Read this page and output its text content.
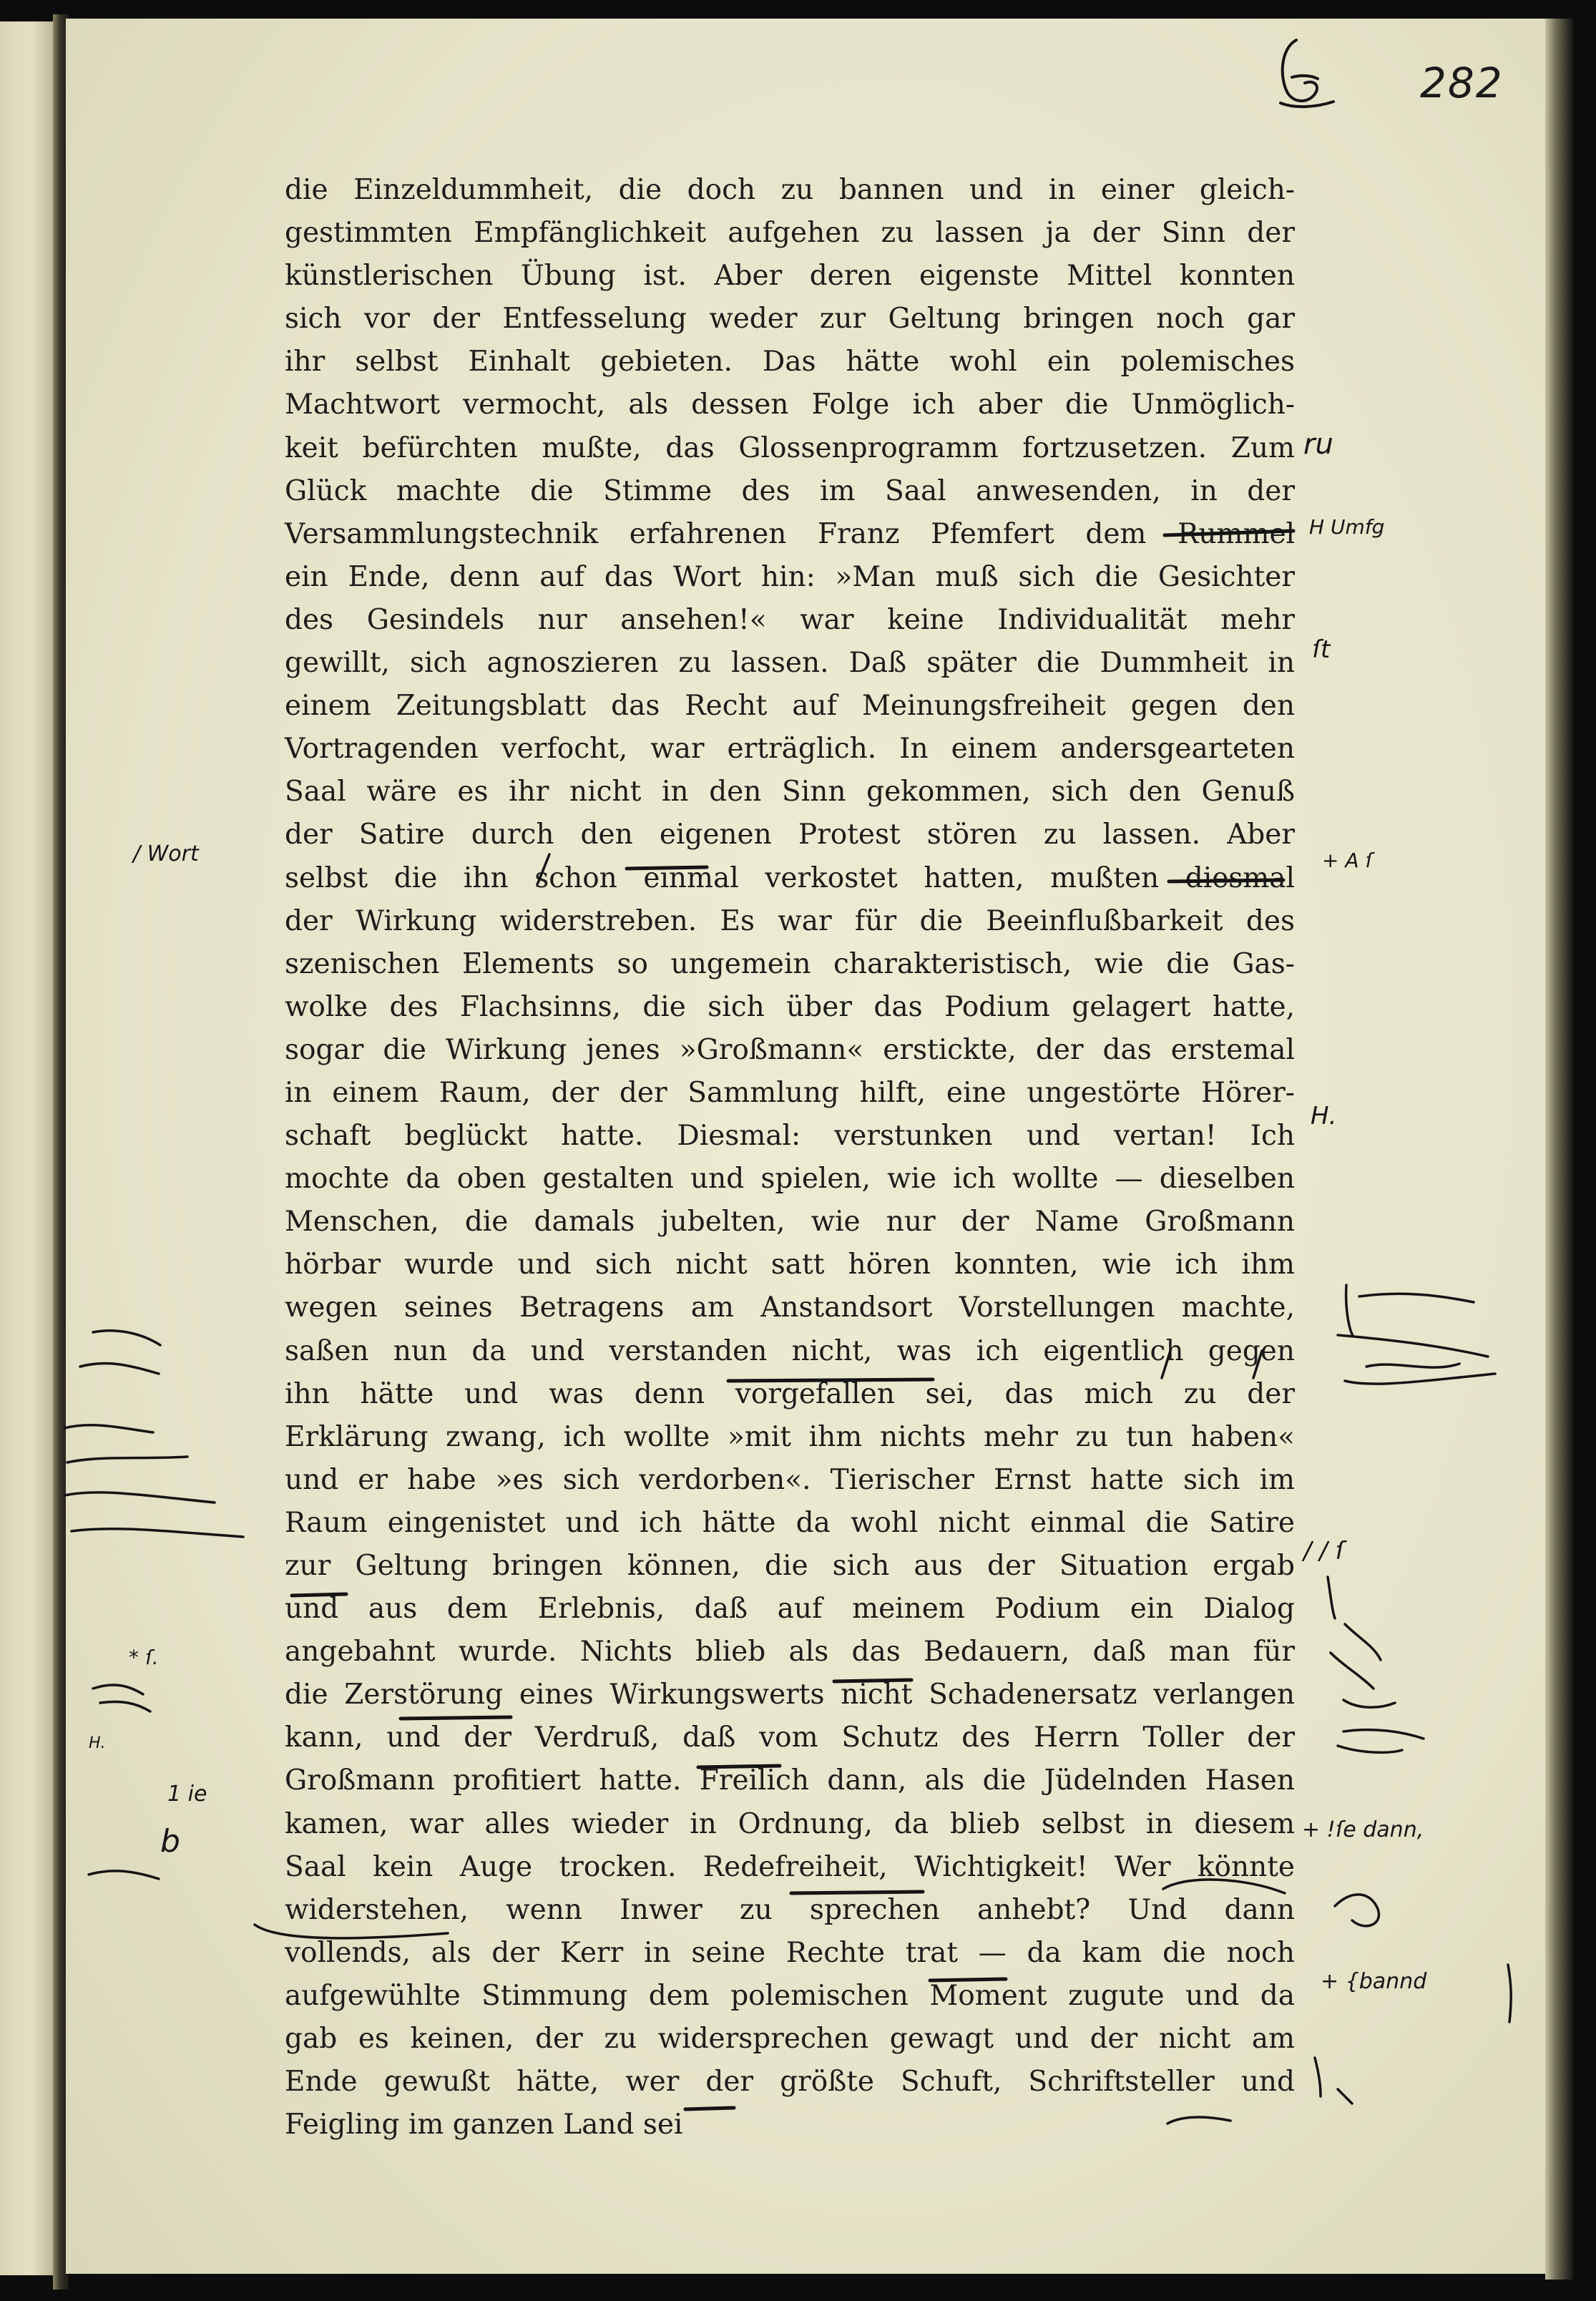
282
die Einzeldummheit, die doch zu bannen und in einer gleich-
gestimmten Empfänglichkeit aufgehen zu lassen ja der Sinn der
künstlerischen Übung ist. Aber deren eigenste Mittel konnten
sich vor der Entfesselung weder zur Geltung bringen noch gar
ihr selbst Einhalt gebieten. Das hätte wohl ein polemisches
Machtwort vermocht, als dessen Folge ich aber die Unmöglich-
keit befürchten mußte, das Glossenprogramm fortzusetzen. Zum
Glück machte die Stimme des im Saal anwesenden, in der
Versammlungstechnik erfahrenen Franz Pfemfert dem Rummel
ein Ende, denn auf das Wort hin: »Man muß sich die Gesichter
des Gesindels nur ansehen!« war keine Individualität mehr
gewillt, sich agnoszieren zu lassen. Daß später die Dummheit in
einem Zeitungsblatt das Recht auf Meinungsfreiheit gegen den
Vortragenden verfocht, war erträglich. In einem andersgearteten
Saal wäre es ihr nicht in den Sinn gekommen, sich den Genuß
der Satire durch den eigenen Protest stören zu lassen. Aber
selbst die ihn schon einmal verkostet hatten, mußten diesmal
der Wirkung widerstreben. Es war für die Beeinflußbarkeit des
szenischen Elements so ungemein charakteristisch, wie die Gas-
wolke des Flachsinns, die sich über das Podium gelagert hatte,
sogar die Wirkung jenes »Großmann« erstickte, der das erstemal
in einem Raum, der der Sammlung hilft, eine ungestörte Hörer-
schaft beglückt hatte. Diesmal: verstunken und vertan! Ich
mochte da oben gestalten und spielen, wie ich wollte — dieselben
Menschen, die damals jubelten, wie nur der Name Großmann
hörbar wurde und sich nicht satt hören konnten, wie ich ihm
wegen seines Betragens am Anstandsort Vorstellungen machte,
saßen nun da und verstanden nicht, was ich eigentlich gegen
ihn hätte und was denn vorgefallen sei, das mich zu der
Erklärung zwang, ich wollte »mit ihm nichts mehr zu tun haben«
und er habe »es sich verdorben«. Tierischer Ernst hatte sich im
Raum eingenistet und ich hätte da wohl nicht einmal die Satire
zur Geltung bringen können, die sich aus der Situation ergab
und aus dem Erlebnis, daß auf meinem Podium ein Dialog
angebahnt wurde. Nichts blieb als das Bedauern, daß man für
die Zerstörung eines Wirkungswerts nicht Schadenersatz verlangen
kann, und der Verdruß, daß vom Schutz des Herrn Toller der
Großmann profitiert hatte. Freilich dann, als die Jüdelnden Hasen
kamen, war alles wieder in Ordnung, da blieb selbst in diesem
Saal kein Auge trocken. Redefreiheit, Wichtigkeit! Wer könnte
widerstehen, wenn Inwer zu sprechen anhebt? Und dann
vollends, als der Kerr in seine Rechte trat — da kam die noch
aufgewühlte Stimmung dem polemischen Moment zugute und da
gab es keinen, der zu widersprechen gewagt und der nicht am
Ende gewußt hätte, wer der größte Schuft, Schriftsteller und
Feigling im ganzen Land sei
ru
H Umfg
ſt
+ A ſ
H.
/ / ſ
+ !ſe dann,
+ {bannd
/ Wort
* ſ.
H.
1 ie
b
